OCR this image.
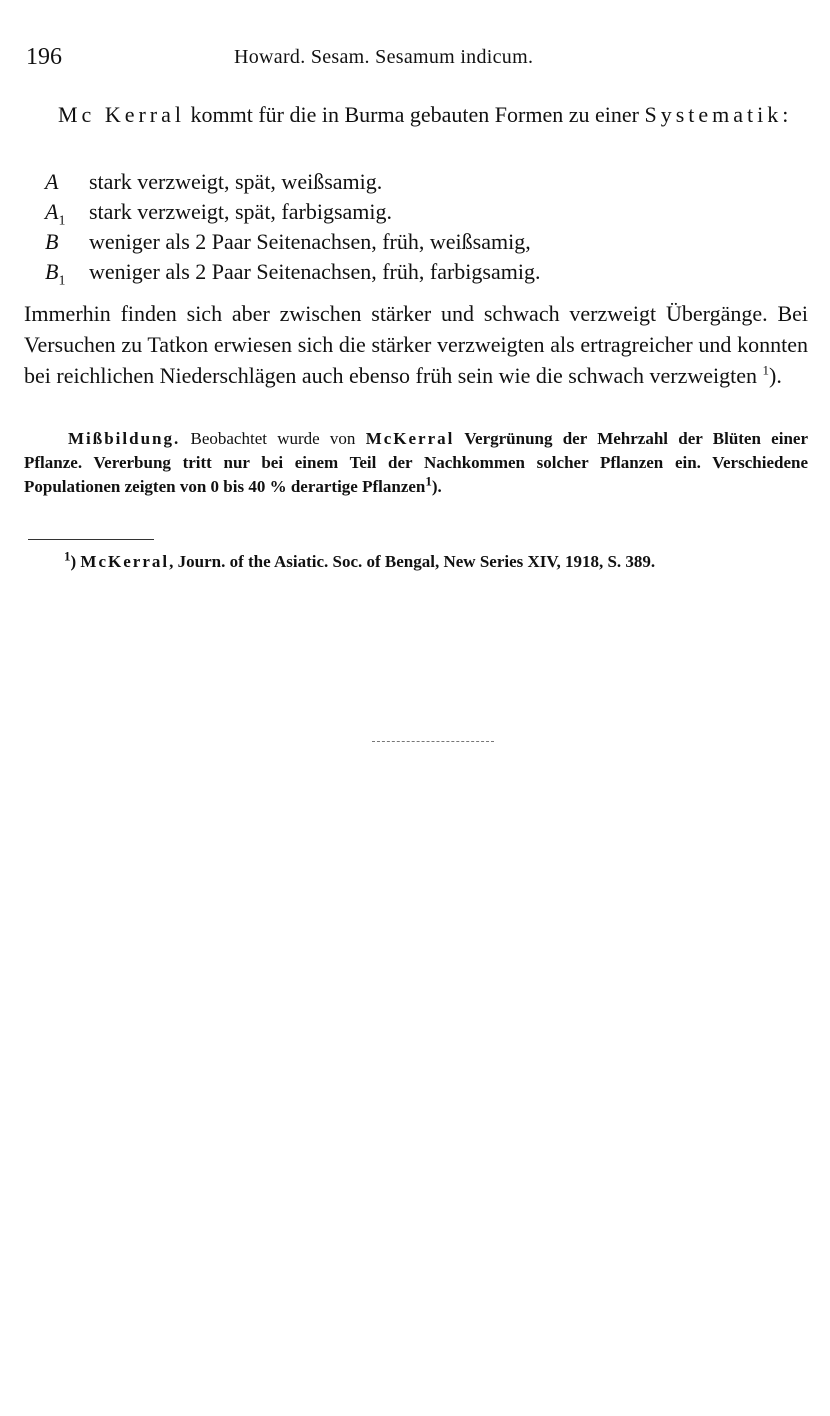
196	Howard. Sesam. Sesamum indicum.

Mc Kerral kommt für die in Burma gebauten Formen zu einer Systematik:

A	stark verzweigt, spät, weißsamig.
$A_1$	stark verzweigt, spät, farbigsamig.
B	weniger als 2 Paar Seitenachsen, früh, weißsamig,
$B_1$	weniger als 2 Paar Seitenachsen, früh, farbigsamig.

Immerhin finden sich aber zwischen stärker und schwach verzweigt Übergänge. Bei Versuchen zu Tatkon erwiesen sich die stärker verzweigten als ertragreicher und konnten bei reichlichen Niederschlägen auch ebenso früh sein wie die schwach verzweigten $^1$).

Mißbildung. Beobachtet wurde von McKerral Vergrünung der Mehrzahl der Blüten einer Pflanze. Vererbung tritt nur bei einem Teil der Nachkommen solcher Pflanzen ein. Verschiedene Populationen zeigten von 0 bis 40 % derartige Pflanzen$^1$).

$^1$) McKerral, Journ. of the Asiatic. Soc. of Bengal, New Series XIV, 1918, S. 389.
